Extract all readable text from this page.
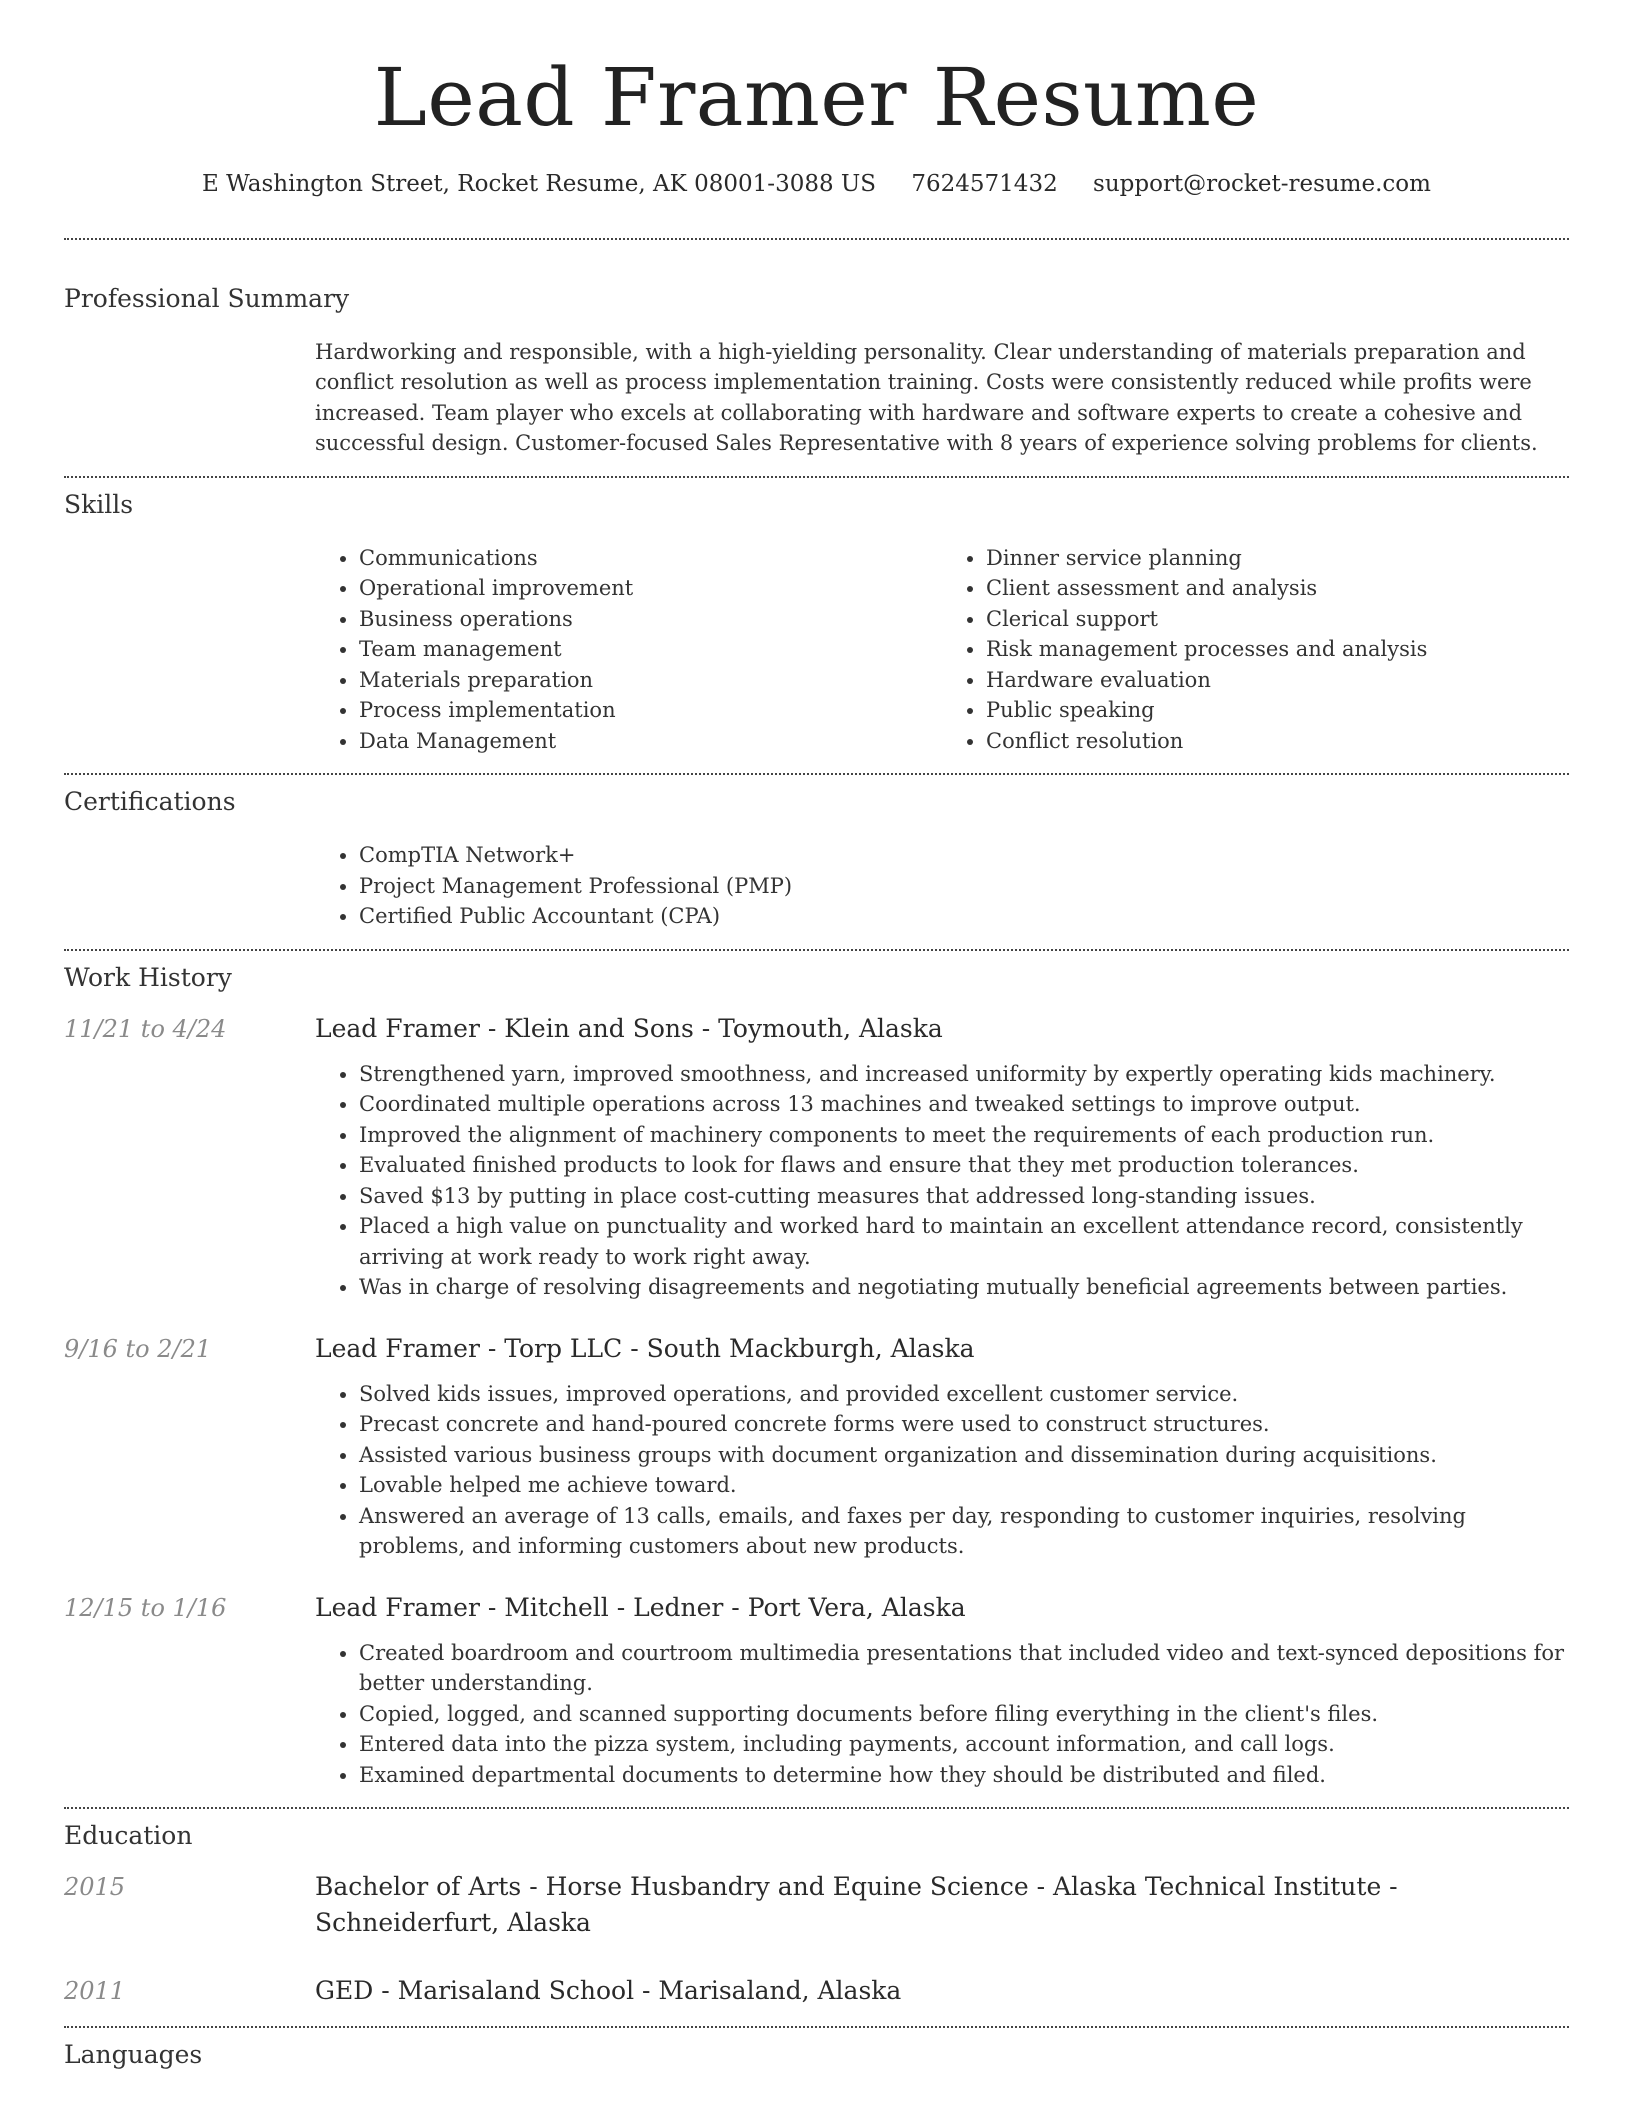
Lead Framer Resume
E Washington Street, Rocket Resume, AK 08001-3088 US 7624571432 support@rocket-resume.com
Professional Summary
Hardworking and responsible, with a high-yielding personality. Clear understanding of materials preparation and conflict resolution as well as process implementation training. Costs were consistently reduced while profits were increased. Team player who excels at collaborating with hardware and software experts to create a cohesive and successful design. Customer-focused Sales Representative with 8 years of experience solving problems for clients.
Skills
• Communications
• Operational improvement
• Business operations
• Team management
• Materials preparation
• Process implementation
• Data Management
• Dinner service planning
• Client assessment and analysis
• Clerical support
• Risk management processes and analysis
• Hardware evaluation
• Public speaking
• Conflict resolution
Certifications
• CompTIA Network+
• Project Management Professional (PMP)
• Certified Public Accountant (CPA)
Work History
11/21 to 4/24	Lead Framer - Klein and Sons - Toymouth, Alaska
• Strengthened yarn, improved smoothness, and increased uniformity by expertly operating kids machinery.
• Coordinated multiple operations across 13 machines and tweaked settings to improve output.
• Improved the alignment of machinery components to meet the requirements of each production run.
• Evaluated finished products to look for flaws and ensure that they met production tolerances.
• Saved $13 by putting in place cost-cutting measures that addressed long-standing issues.
• Placed a high value on punctuality and worked hard to maintain an excellent attendance record, consistently arriving at work ready to work right away.
• Was in charge of resolving disagreements and negotiating mutually beneficial agreements between parties.
9/16 to 2/21	Lead Framer - Torp LLC - South Mackburgh, Alaska
• Solved kids issues, improved operations, and provided excellent customer service.
• Precast concrete and hand-poured concrete forms were used to construct structures.
• Assisted various business groups with document organization and dissemination during acquisitions.
• Lovable helped me achieve toward.
• Answered an average of 13 calls, emails, and faxes per day, responding to customer inquiries, resolving problems, and informing customers about new products.
12/15 to 1/16	Lead Framer - Mitchell - Ledner - Port Vera, Alaska
• Created boardroom and courtroom multimedia presentations that included video and text-synced depositions for better understanding.
• Copied, logged, and scanned supporting documents before filing everything in the client's files.
• Entered data into the pizza system, including payments, account information, and call logs.
• Examined departmental documents to determine how they should be distributed and filed.
Education
2015	Bachelor of Arts - Horse Husbandry and Equine Science - Alaska Technical Institute - Schneiderfurt, Alaska
2011	GED - Marisaland School - Marisaland, Alaska
Languages
